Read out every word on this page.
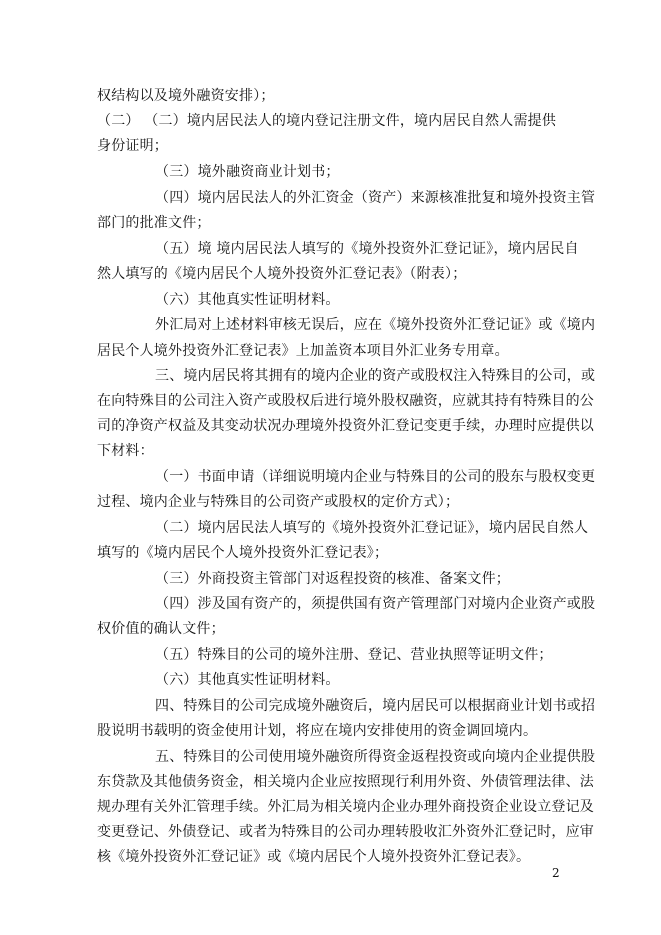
权结构以及境外融资安排）；
（二） （二）境内居民法人的境内登记注册文件，境内居民自然人需提供
身份证明；
（三）境外融资商业计划书；
（四）境内居民法人的外汇资金（资产）来源核准批复和境外投资主管
部门的批准文件；
（五）境 境内居民法人填写的《境外投资外汇登记证》，境内居民自
然人填写的《境内居民个人境外投资外汇登记表》（附表）；
（六）其他真实性证明材料。
外汇局对上述材料审核无误后，应在《境外投资外汇登记证》或《境内
居民个人境外投资外汇登记表》上加盖资本项目外汇业务专用章。
三、境内居民将其拥有的境内企业的资产或股权注入特殊目的公司，或
在向特殊目的公司注入资产或股权后进行境外股权融资，应就其持有特殊目的公
司的净资产权益及其变动状况办理境外投资外汇登记变更手续，办理时应提供以
下材料：
（一）书面申请（详细说明境内企业与特殊目的公司的股东与股权变更
过程、境内企业与特殊目的公司资产或股权的定价方式）；
（二）境内居民法人填写的《境外投资外汇登记证》，境内居民自然人
填写的《境内居民个人境外投资外汇登记表》；
（三）外商投资主管部门对返程投资的核准、备案文件；
（四）涉及国有资产的，须提供国有资产管理部门对境内企业资产或股
权价值的确认文件；
（五）特殊目的公司的境外注册、登记、营业执照等证明文件；
（六）其他真实性证明材料。
四、特殊目的公司完成境外融资后，境内居民可以根据商业计划书或招
股说明书载明的资金使用计划，将应在境内安排使用的资金调回境内。
五、特殊目的公司使用境外融资所得资金返程投资或向境内企业提供股
东贷款及其他债务资金，相关境内企业应按照现行利用外资、外债管理法律、法
规办理有关外汇管理手续。外汇局为相关境内企业办理外商投资企业设立登记及
变更登记、外债登记、或者为特殊目的公司办理转股收汇外资外汇登记时，应审
核《境外投资外汇登记证》或《境内居民个人境外投资外汇登记表》。
2
